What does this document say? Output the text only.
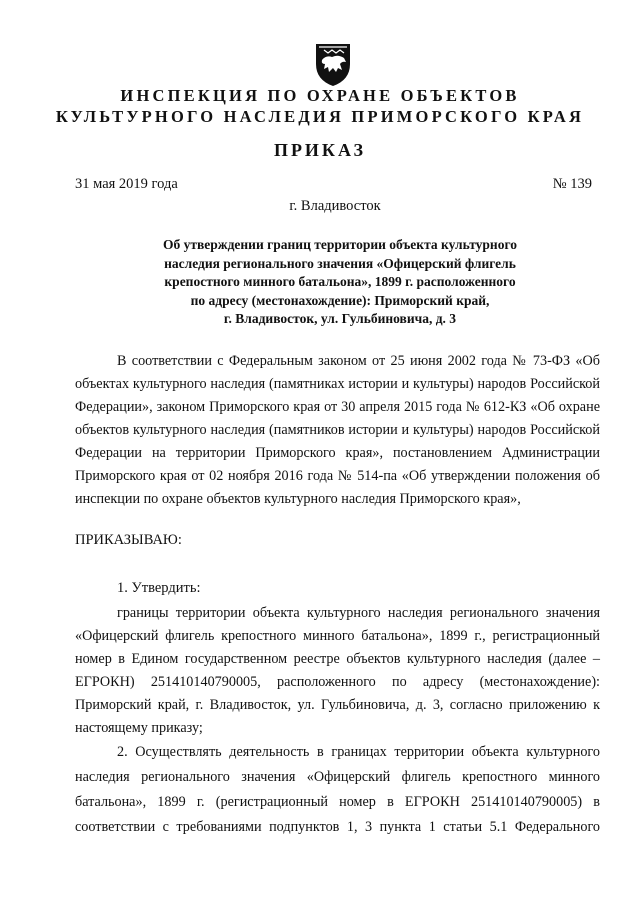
ИНСПЕКЦИЯ ПО ОХРАНЕ ОБЪЕКТОВ
КУЛЬТУРНОГО НАСЛЕДИЯ ПРИМОРСКОГО КРАЯ
ПРИКАЗ
31 мая 2019 года	№ 139
г. Владивосток
Об утверждении границ территории объекта культурного
наследия регионального значения «Офицерский флигель
крепостного минного батальона», 1899 г. расположенного
по адресу (местонахождение): Приморский край,
г. Владивосток, ул. Гульбиновича, д. 3
В соответствии с Федеральным законом от 25 июня 2002 года № 73-ФЗ «Об
объектах культурного наследия (памятниках истории и культуры) народов Российской
Федерации», законом Приморского края от 30 апреля 2015 года № 612-КЗ «Об охране
объектов культурного наследия (памятников истории и культуры) народов Российской
Федерации на территории Приморского края», постановлением Администрации
Приморского края от 02 ноября 2016 года № 514-па «Об утверждении положения об
инспекции по охране объектов культурного наследия Приморского края»,
ПРИКАЗЫВАЮ:
1. Утвердить:
границы территории объекта культурного наследия регионального значения
«Офицерский флигель крепостного минного батальона», 1899 г., регистрационный
номер в Едином государственном реестре объектов культурного наследия (далее –
ЕГРОКН) 251410140790005, расположенного по адресу (местонахождение):
Приморский край, г. Владивосток, ул. Гульбиновича, д. 3, согласно приложению к
настоящему приказу;
2. Осуществлять деятельность в границах территории объекта культурного
наследия регионального значения «Офицерский флигель крепостного минного
батальона», 1899 г. (регистрационный номер в ЕГРОКН 251410140790005) в
соответствии с требованиями подпунктов 1, 3 пункта 1 статьи 5.1 Федерального
